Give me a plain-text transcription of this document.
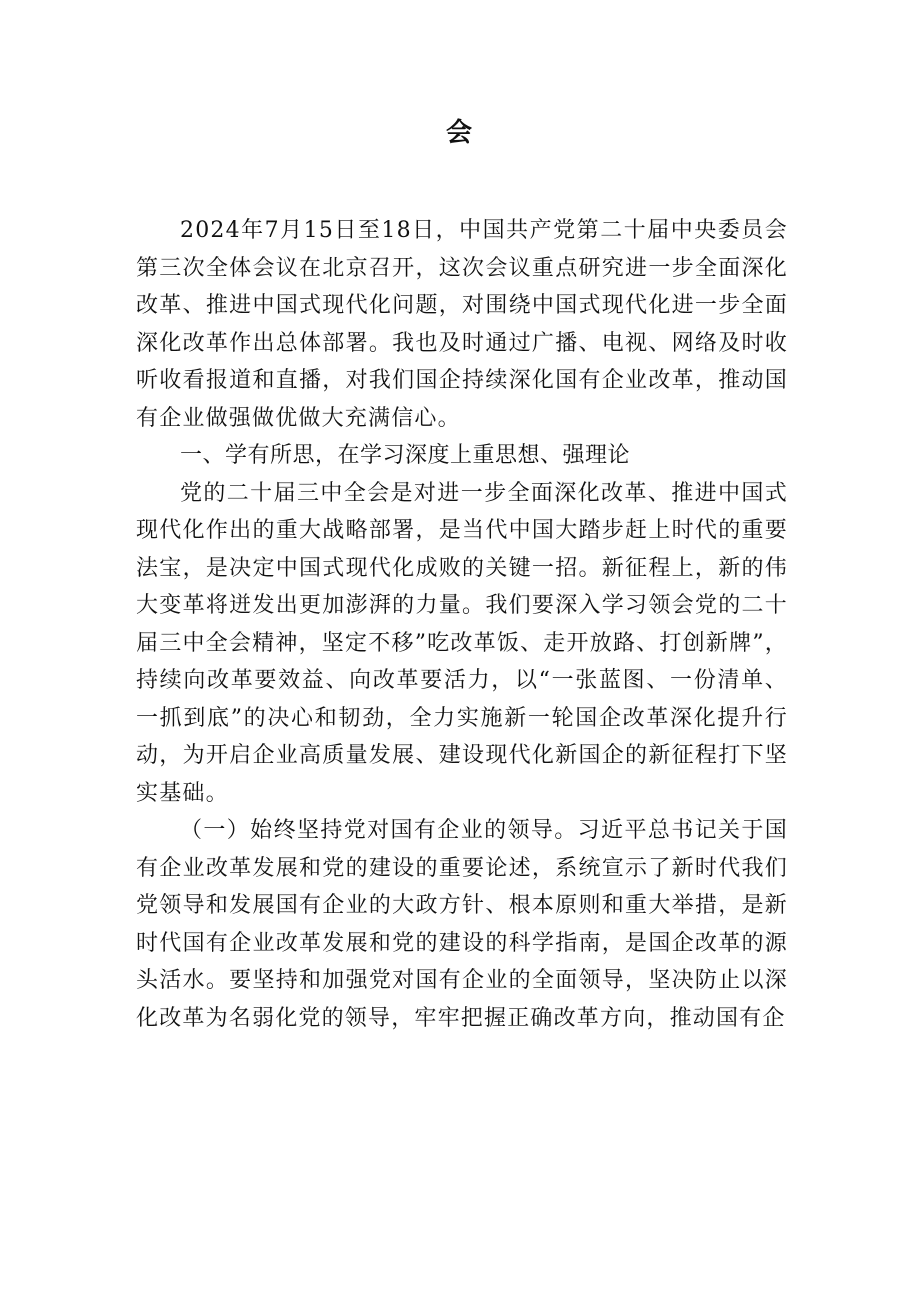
会

2024年7月15日至18日，中国共产党第二十届中央委员会第三次全体会议在北京召开，这次会议重点研究进一步全面深化改革、推进中国式现代化问题，对围绕中国式现代化进一步全面深化改革作出总体部署。我也及时通过广播、电视、网络及时收听收看报道和直播，对我们国企持续深化国有企业改革，推动国有企业做强做优做大充满信心。

一、学有所思，在学习深度上重思想、强理论

党的二十届三中全会是对进一步全面深化改革、推进中国式现代化作出的重大战略部署，是当代中国大踏步赶上时代的重要法宝，是决定中国式现代化成败的关键一招。新征程上，新的伟大变革将迸发出更加澎湃的力量。我们要深入学习领会党的二十届三中全会精神，坚定不移”吃改革饭、走开放路、打创新牌”，持续向改革要效益、向改革要活力，以“一张蓝图、一份清单、一抓到底”的决心和韧劲，全力实施新一轮国企改革深化提升行动，为开启企业高质量发展、建设现代化新国企的新征程打下坚实基础。

（一）始终坚持党对国有企业的领导。习近平总书记关于国有企业改革发展和党的建设的重要论述，系统宣示了新时代我们党领导和发展国有企业的大政方针、根本原则和重大举措，是新时代国有企业改革发展和党的建设的科学指南，是国企改革的源头活水。要坚持和加强党对国有企业的全面领导，坚决防止以深化改革为名弱化党的领导，牢牢把握正确改革方向，推动国有企
